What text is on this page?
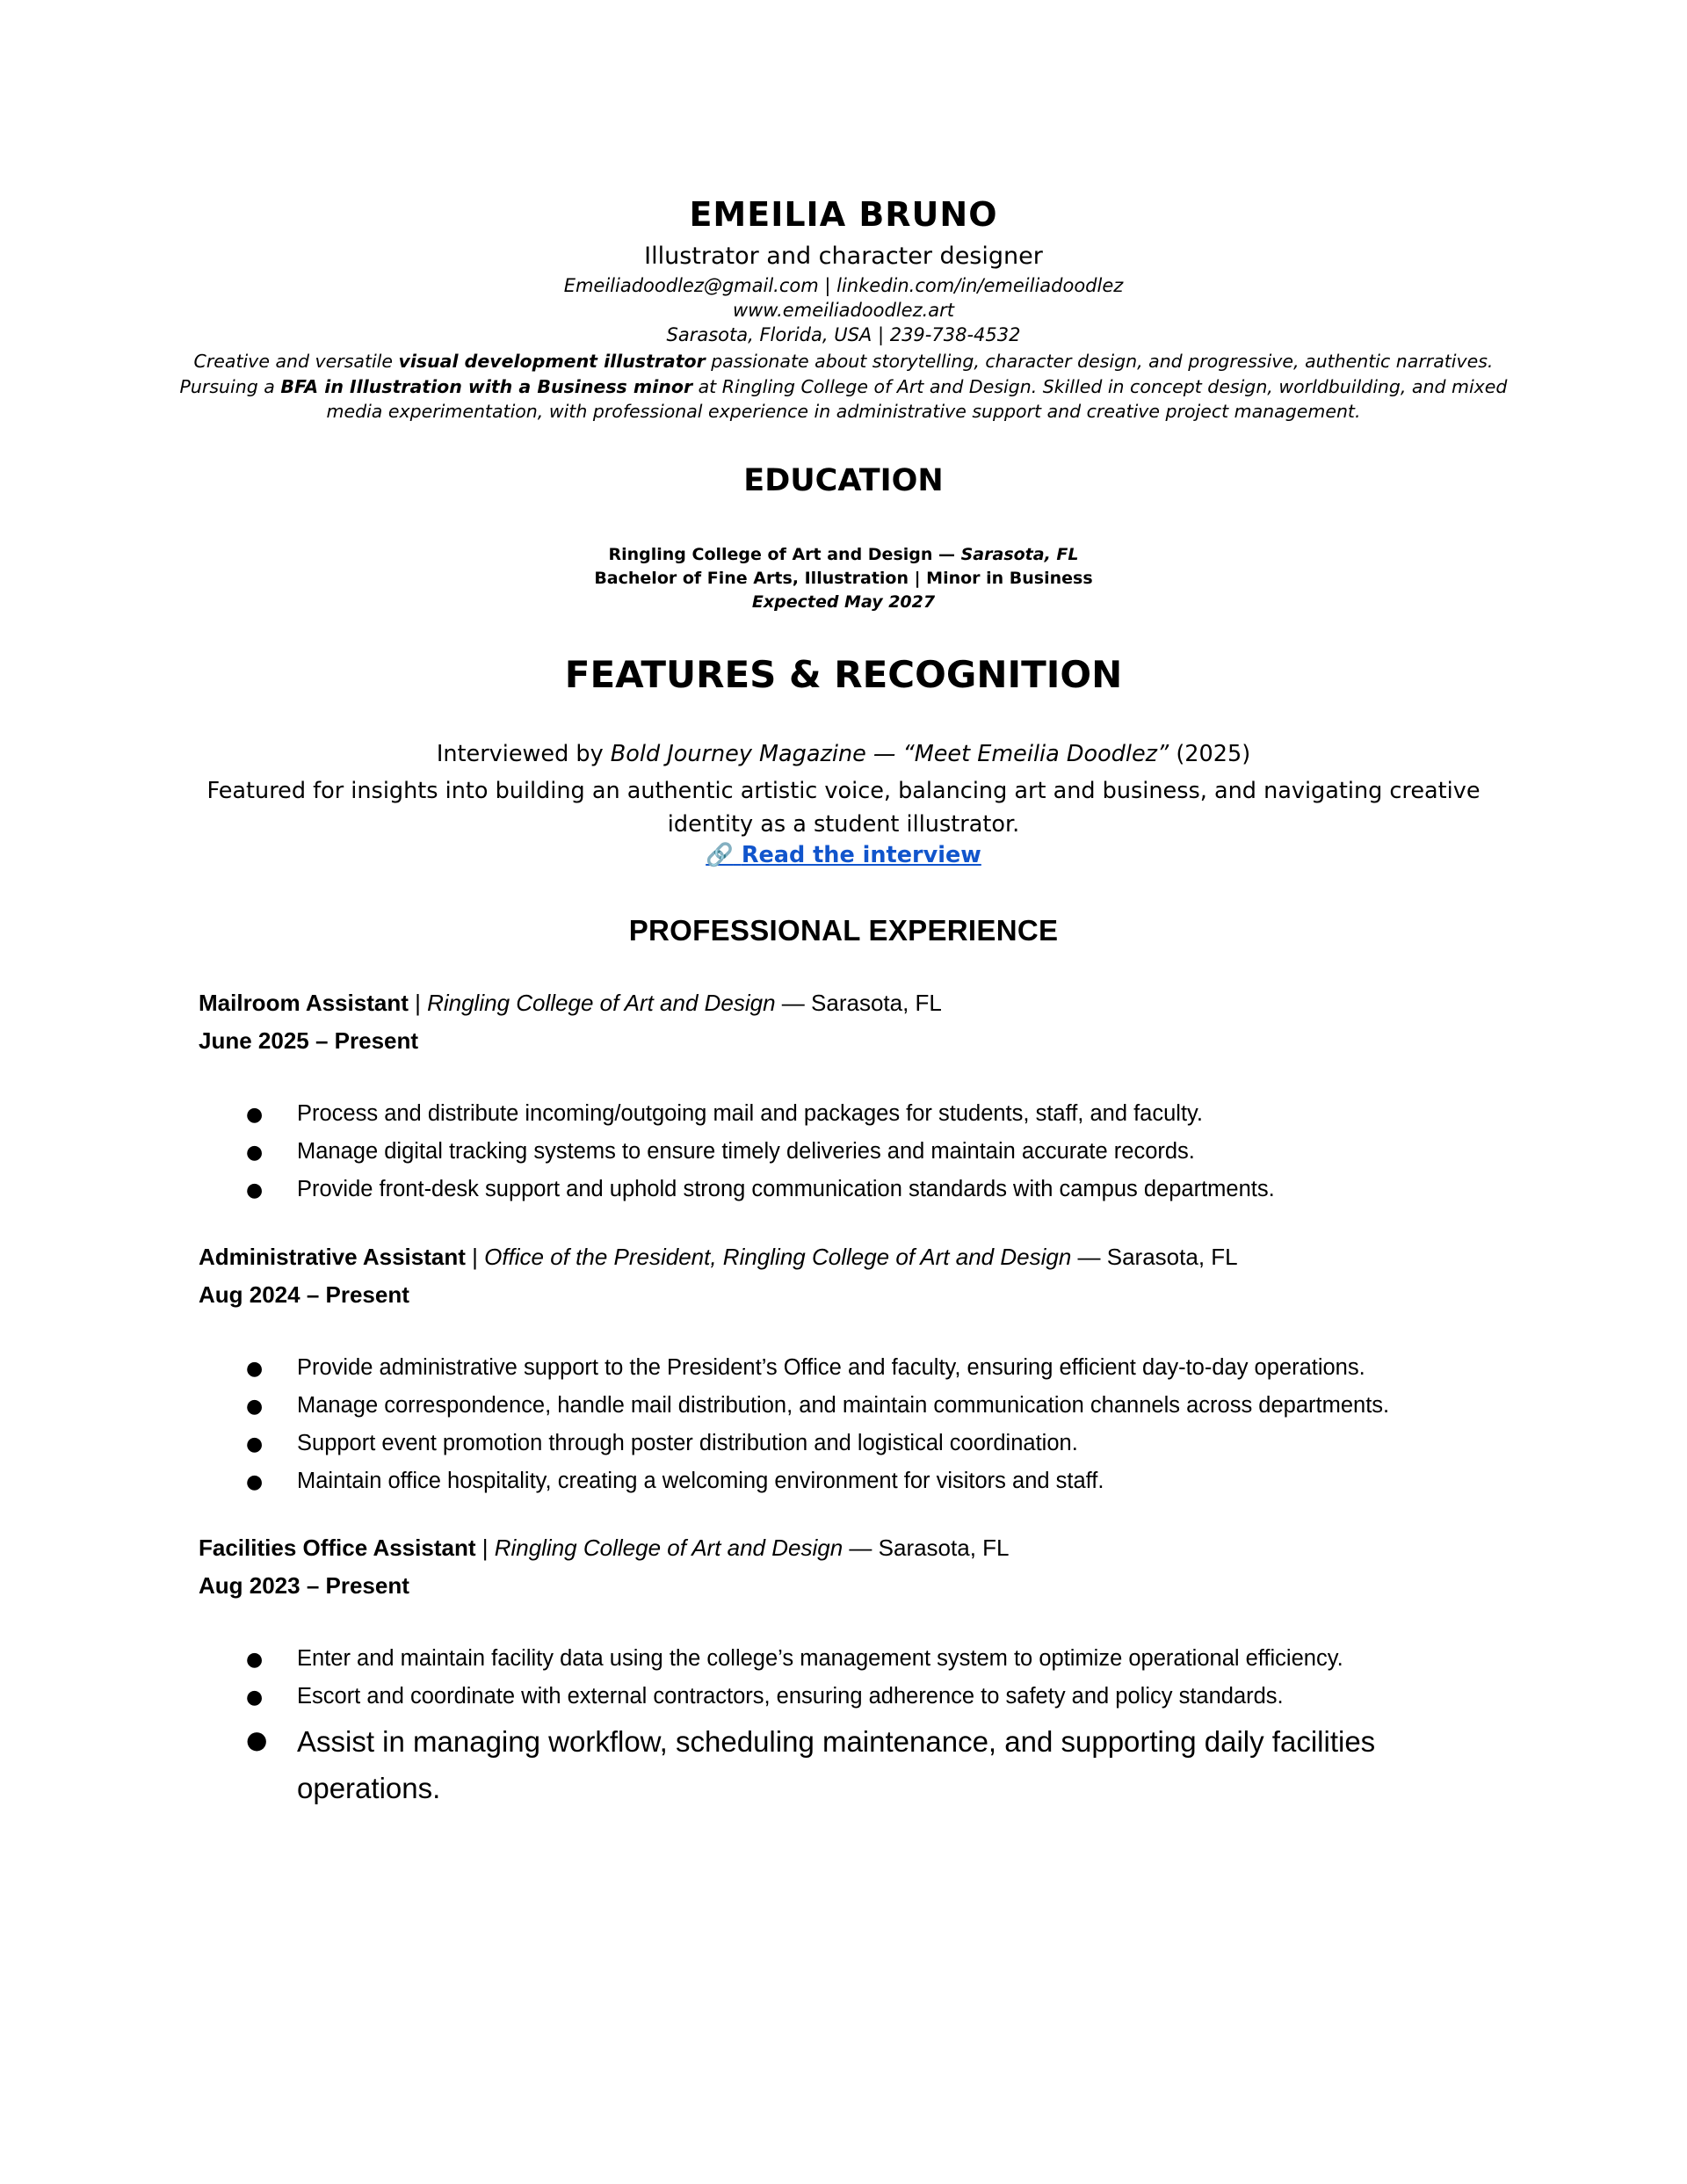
EMEILIA BRUNO
Illustrator and character designer
Emeiliadoodlez@gmail.com | linkedin.com/in/emeiliadoodlez
www.emeiliadoodlez.art
Sarasota, Florida, USA | 239-738-4532
Creative and versatile visual development illustrator passionate about storytelling, character design, and progressive, authentic narratives. Pursuing a BFA in Illustration with a Business minor at Ringling College of Art and Design. Skilled in concept design, worldbuilding, and mixed media experimentation, with professional experience in administrative support and creative project management.
EDUCATION
Ringling College of Art and Design — Sarasota, FL
Bachelor of Fine Arts, Illustration | Minor in Business
Expected May 2027
FEATURES & RECOGNITION
Interviewed by Bold Journey Magazine — “Meet Emeilia Doodlez” (2025)
Featured for insights into building an authentic artistic voice, balancing art and business, and navigating creative identity as a student illustrator.
🔗 Read the interview
PROFESSIONAL EXPERIENCE
Mailroom Assistant | Ringling College of Art and Design — Sarasota, FL
June 2025 – Present
● Process and distribute incoming/outgoing mail and packages for students, staff, and faculty.
● Manage digital tracking systems to ensure timely deliveries and maintain accurate records.
● Provide front-desk support and uphold strong communication standards with campus departments.
Administrative Assistant | Office of the President, Ringling College of Art and Design — Sarasota, FL
Aug 2024 – Present
● Provide administrative support to the President’s Office and faculty, ensuring efficient day-to-day operations.
● Manage correspondence, handle mail distribution, and maintain communication channels across departments.
● Support event promotion through poster distribution and logistical coordination.
● Maintain office hospitality, creating a welcoming environment for visitors and staff.
Facilities Office Assistant | Ringling College of Art and Design — Sarasota, FL
Aug 2023 – Present
● Enter and maintain facility data using the college’s management system to optimize operational efficiency.
● Escort and coordinate with external contractors, ensuring adherence to safety and policy standards.
● Assist in managing workflow, scheduling maintenance, and supporting daily facilities operations.
